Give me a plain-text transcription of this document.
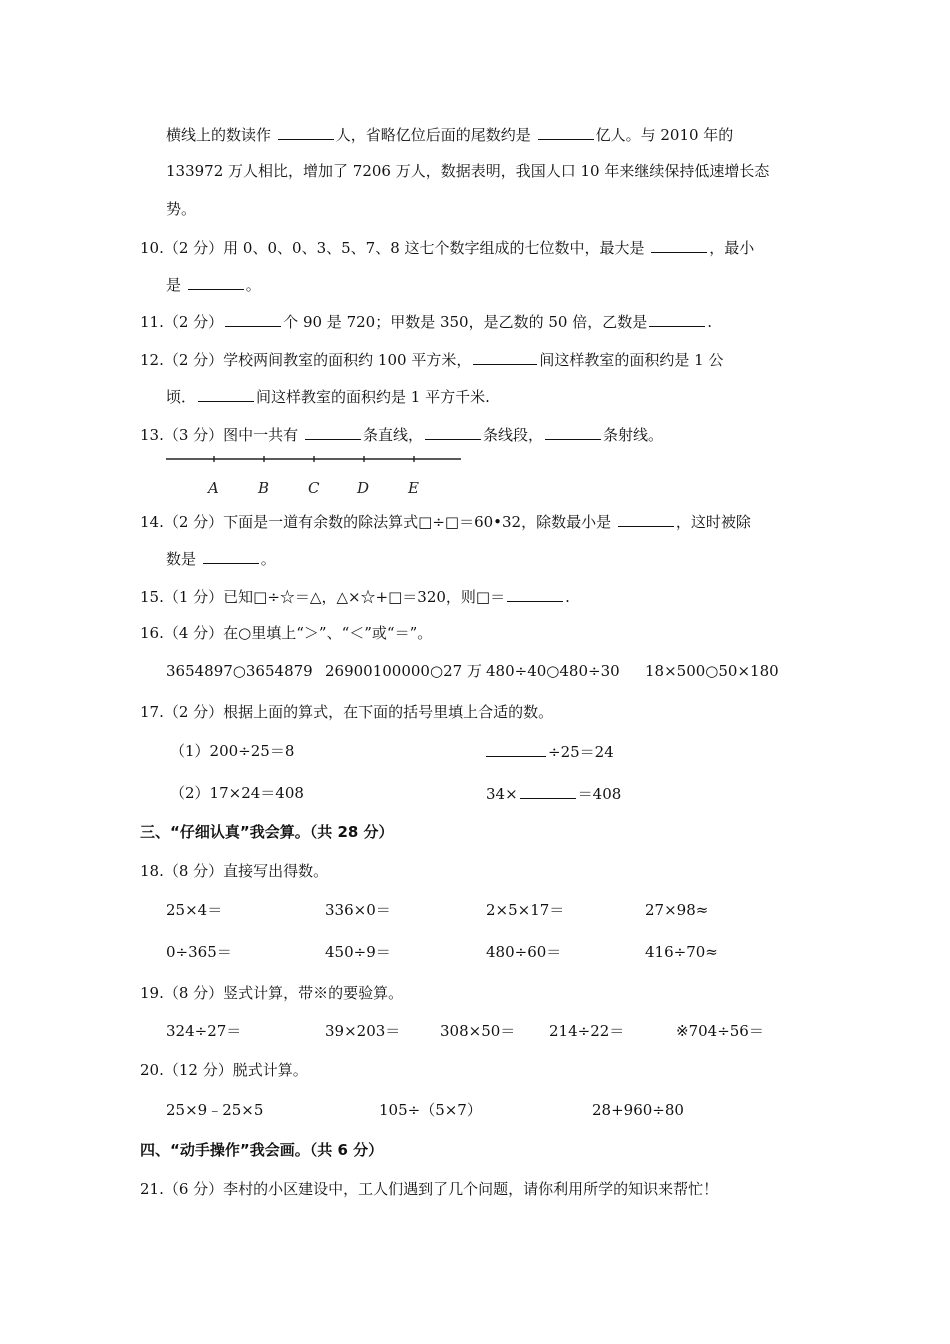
横线上的数读作	人，省略亿位后面的尾数约是	亿人。与 2010 年的
133972 万人相比，增加了 7206 万人，数据表明，我国人口 10 年来继续保持低速增长态
势。
10.（2 分）用 0、0、0、3、5、7、8 这七个数字组成的七位数中，最大是	，最小
是	。
11.（2 分）	个 90 是 720；甲数是 350，是乙数的 50 倍，乙数是	.
12.（2 分）学校两间教室的面积约 100 平方米，	间这样教室的面积约是 1 公
顷．	间这样教室的面积约是 1 平方千米.
13.（3 分）图中一共有	条直线，	条线段，	条射线。
A	B	C	D	E
14.（2 分）下面是一道有余数的除法算式□÷□＝60•32，除数最小是	，这时被除
数是	。
15.（1 分）已知□÷☆＝△，△×☆+□＝320，则□＝	.
16.（4 分）在○里填上“＞”、“＜”或“＝”。
3654897○3654879 26900100000○27 万 480÷40○480÷30 18×500○50×180
17.（2 分）根据上面的算式，在下面的括号里填上合适的数。
（1）200÷25＝8	÷25＝24
（2）17×24＝408	34×	＝408
三、“仔细认真”我会算。（共 28 分）
18.（8 分）直接写出得数。
25×4＝	336×0＝	2×5×17＝	27×98≈
0÷365＝	450÷9＝	480÷60＝	416÷70≈
19.（8 分）竖式计算，带※的要验算。
324÷27＝	39×203＝	308×50＝ 214÷22＝	※704÷56＝
20.（12 分）脱式计算。
25×9﹣25×5	105÷（5×7）	28+960÷80
四、“动手操作”我会画。（共 6 分）
21.（6 分）李村的小区建设中，工人们遇到了几个问题，请你利用所学的知识来帮忙！
